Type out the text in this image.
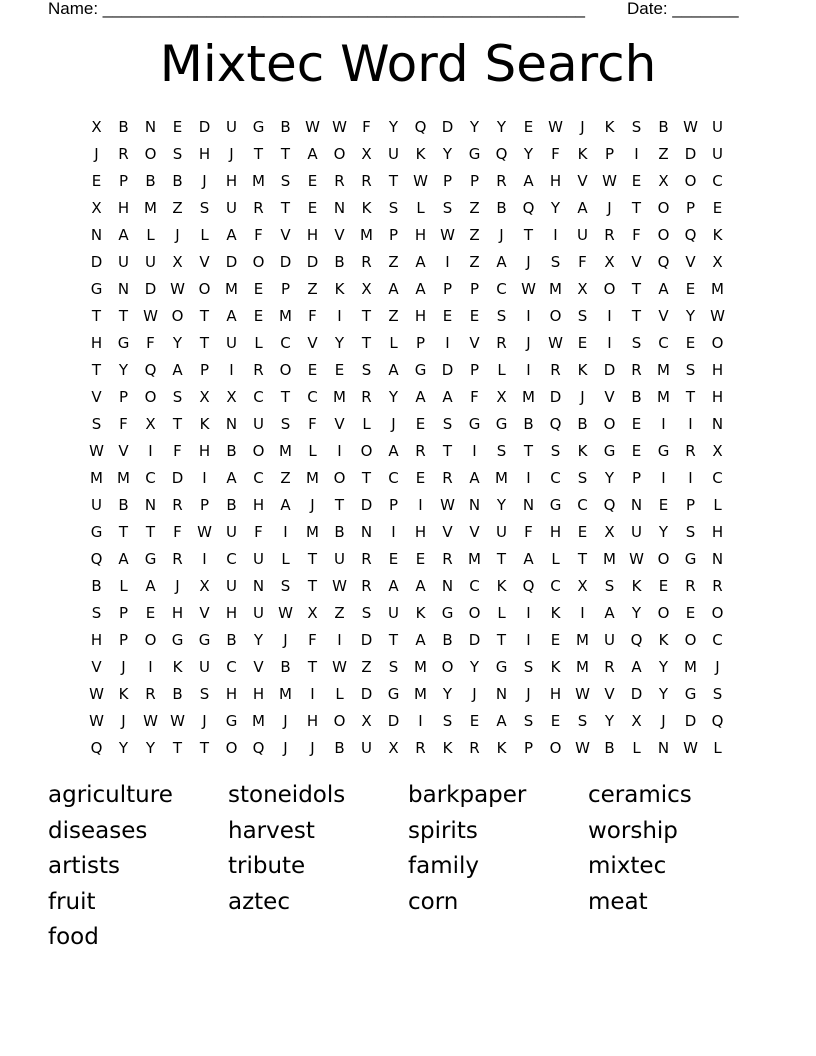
Name: ___________________________________________________ Date: _______
Mixtec Word Search
X	B	N	E	D	U	G	B W W	F	Y	Q	D	Y	Y	E W	J	K	S	B W U
J	R	O	S	H	J	T	T	A	O	X	U	K	Y	G	Q	Y	F	K	P	I	Z	D	U
E	P	B	B	J	H M	S	E	R	R	T	W	P	P	R	A	H	V W E	X	O	C
X	H M	Z	S	U	R	T	E	N	K	S	L	S	Z	B	Q	Y	A	J	T	O	P	E
N	A	L	J	L	A	F	V	H	V	M	P	H W Z	J	T	I	U	R	F	O	Q	K
D	U	U	X	V	D	O	D	D	B	R	Z	A	I	Z	A	J	S	F	X	V	Q	V	X
G	N	D W O M	E	P	Z	K	X	A	A	P	P	C W M	X	O	T	A	E	M
T	T	W O	T	A	E	M	F	I	T	Z	H	E	E	S	I	O	S	I	T	V	Y	W
H	G	F	Y	T	U	L	C	V	Y	T	L	P	I	V	R	J	W E	I	S	C	E	O
T	Y	Q	A	P	I	R	O	E	E	S	A	G	D	P	L	I	R	K	D	R	M	S	H
V	P	O	S	X	X	C	T	C	M	R	Y	A	A	F	X	M D	J	V	B	M	T	H
S	F	X	T	K	N	U	S	F	V	L	J	E	S	G	G	B	Q	B	O	E	I	I	N
W V	I	F	H	B	O M	L	I	O	A	R	T	I	S	T	S	K	G	E	G	R	X
M M	C	D	I	A	C	Z	M O	T	C	E	R	A	M	I	C	S	Y	P	I	I	C
U	B	N	R	P	B	H	A	J	T	D	P	I	W N	Y	N	G	C	Q	N	E	P	L
G	T	T	F	W U	F	I	M	B	N	I	H	V	V	U	F	H	E	X	U	Y	S	H
Q	A	G	R	I	C	U	L	T	U	R	E	E	R	M	T	A	L	T	M W O	G	N
B	L	A	J	X	U	N	S	T	W R	A	A	N	C	K	Q	C	X	S	K	E	R	R
S	P	E	H	V	H	U W X	Z	S	U	K	G	O	L	I	K	I	A	Y	O	E	O
H	P	O	G	G	B	Y	J	F	I	D	T	A	B	D	T	I	E	M	U	Q	K	O	C
V	J	I	K	U	C	V	B	T	W Z	S	M O	Y	G	S	K	M	R	A	Y	M	J
W K	R	B	S	H	H M	I	L	D	G M	Y	J	N	J	H W V	D	Y	G	S
W	J	W W	J	G M	J	H	O	X	D	I	S	E	A	S	E	S	Y	X	J	D	Q
Q	Y	Y	T	T	O	Q	J	J	B	U	X	R	K	R	K	P	O W B	L	N W	L
agriculture	stoneidols	barkpaper	ceramics
diseases	harvest	spirits	worship
artists	tribute	family	mixtec
fruit	aztec	corn	meat
food
